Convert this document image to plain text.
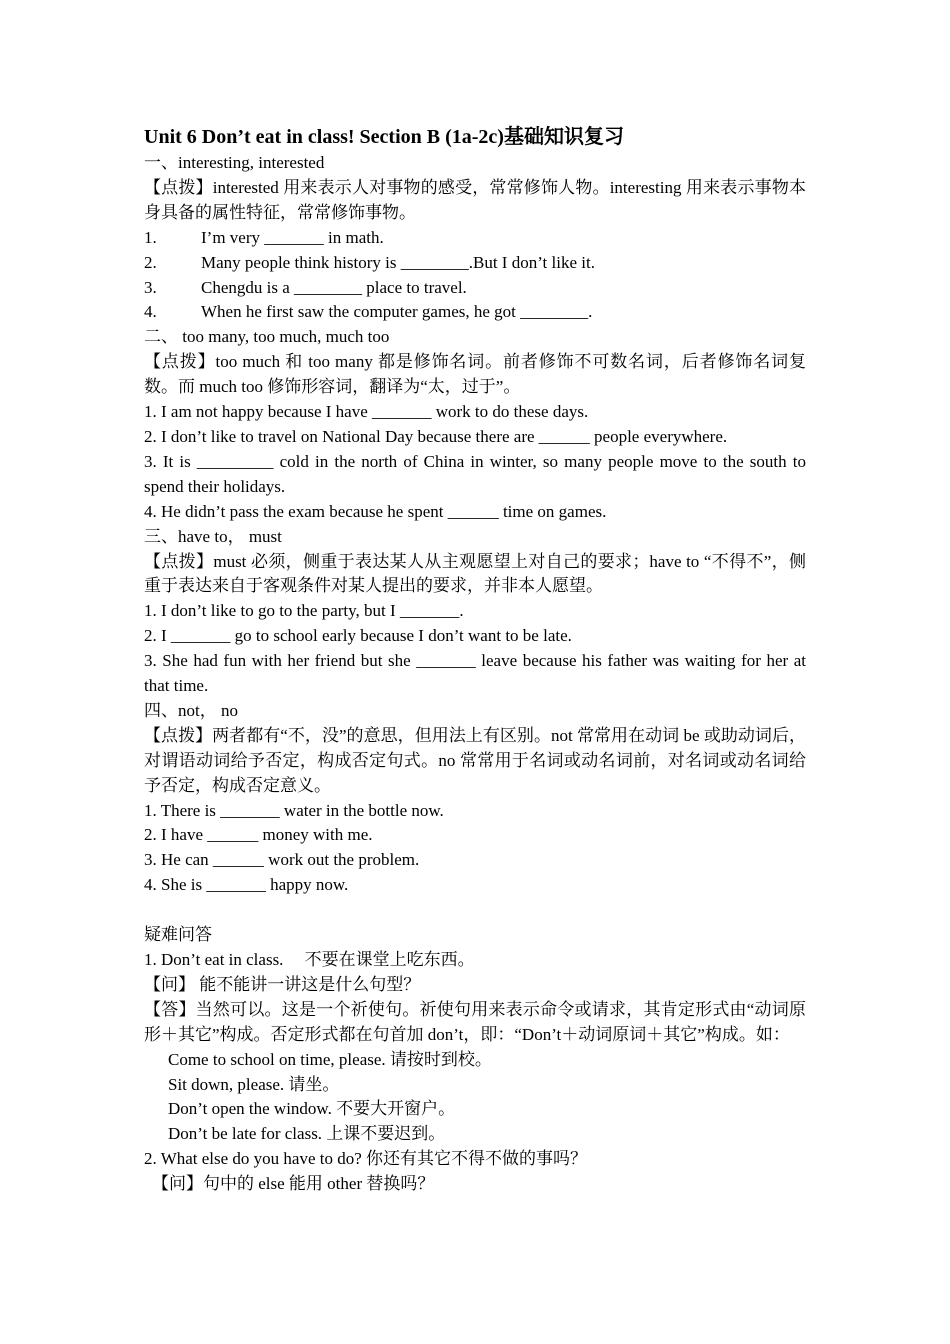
Unit 6 Don’t eat in class! Section B (1a-2c)基础知识复习

一、interesting, interested

【点拨】interested 用来表示人对事物的感受，常常修饰人物。interesting 用来表示事物本身具备的属性特征，常常修饰事物。

1.	I’m very _______ in math.
2.	Many people think history is ________.But I don’t like it.
3.	Chengdu is a ________ place to travel.
4.	When he first saw the computer games, he got ________.

二、 too many, too much, much too

【点拨】too much 和 too many 都是修饰名词。前者修饰不可数名词，后者修饰名词复数。而 much too 修饰形容词，翻译为“太，过于”。

1. I am not happy because I have _______ work to do these days.

2. I don’t like to travel on National Day because there are ______ people everywhere.

3. It is _________ cold in the north of China in winter, so many people move to the south to spend their holidays.

4. He didn’t pass the exam because he spent ______ time on games.

三、have to， must

【点拨】must 必须，侧重于表达某人从主观愿望上对自己的要求；have to “不得不”，侧重于表达来自于客观条件对某人提出的要求，并非本人愿望。

1. I don’t like to go to the party, but I _______.

2. I _______ go to school early because I don’t want to be late.

3. She had fun with her friend but she _______ leave because his father was waiting for her at that time.

四、not， no

【点拨】两者都有“不，没”的意思，但用法上有区别。not 常常用在动词 be 或助动词后，对谓语动词给予否定，构成否定句式。no 常常用于名词或动名词前，对名词或动名词给予否定，构成否定意义。

1. There is _______ water in the bottle now.

2. I have ______ money with me.

3. He can ______ work out the problem.

4. She is _______ happy now.

疑难问答

1. Don’t eat in class.　 不要在课堂上吃东西。

【问】 能不能讲一讲这是什么句型？

【答】当然可以。这是一个祈使句。祈使句用来表示命令或请求，其肯定形式由“动词原形＋其它”构成。否定形式都在句首加 don’t，即：“Don’t＋动词原词＋其它”构成。如：

Come to school on time, please. 请按时到校。

Sit down, please. 请坐。

Don’t open the window. 不要大开窗户。

Don’t be late for class. 上课不要迟到。

2. What else do you have to do? 你还有其它不得不做的事吗？

【问】句中的 else 能用 other 替换吗？
